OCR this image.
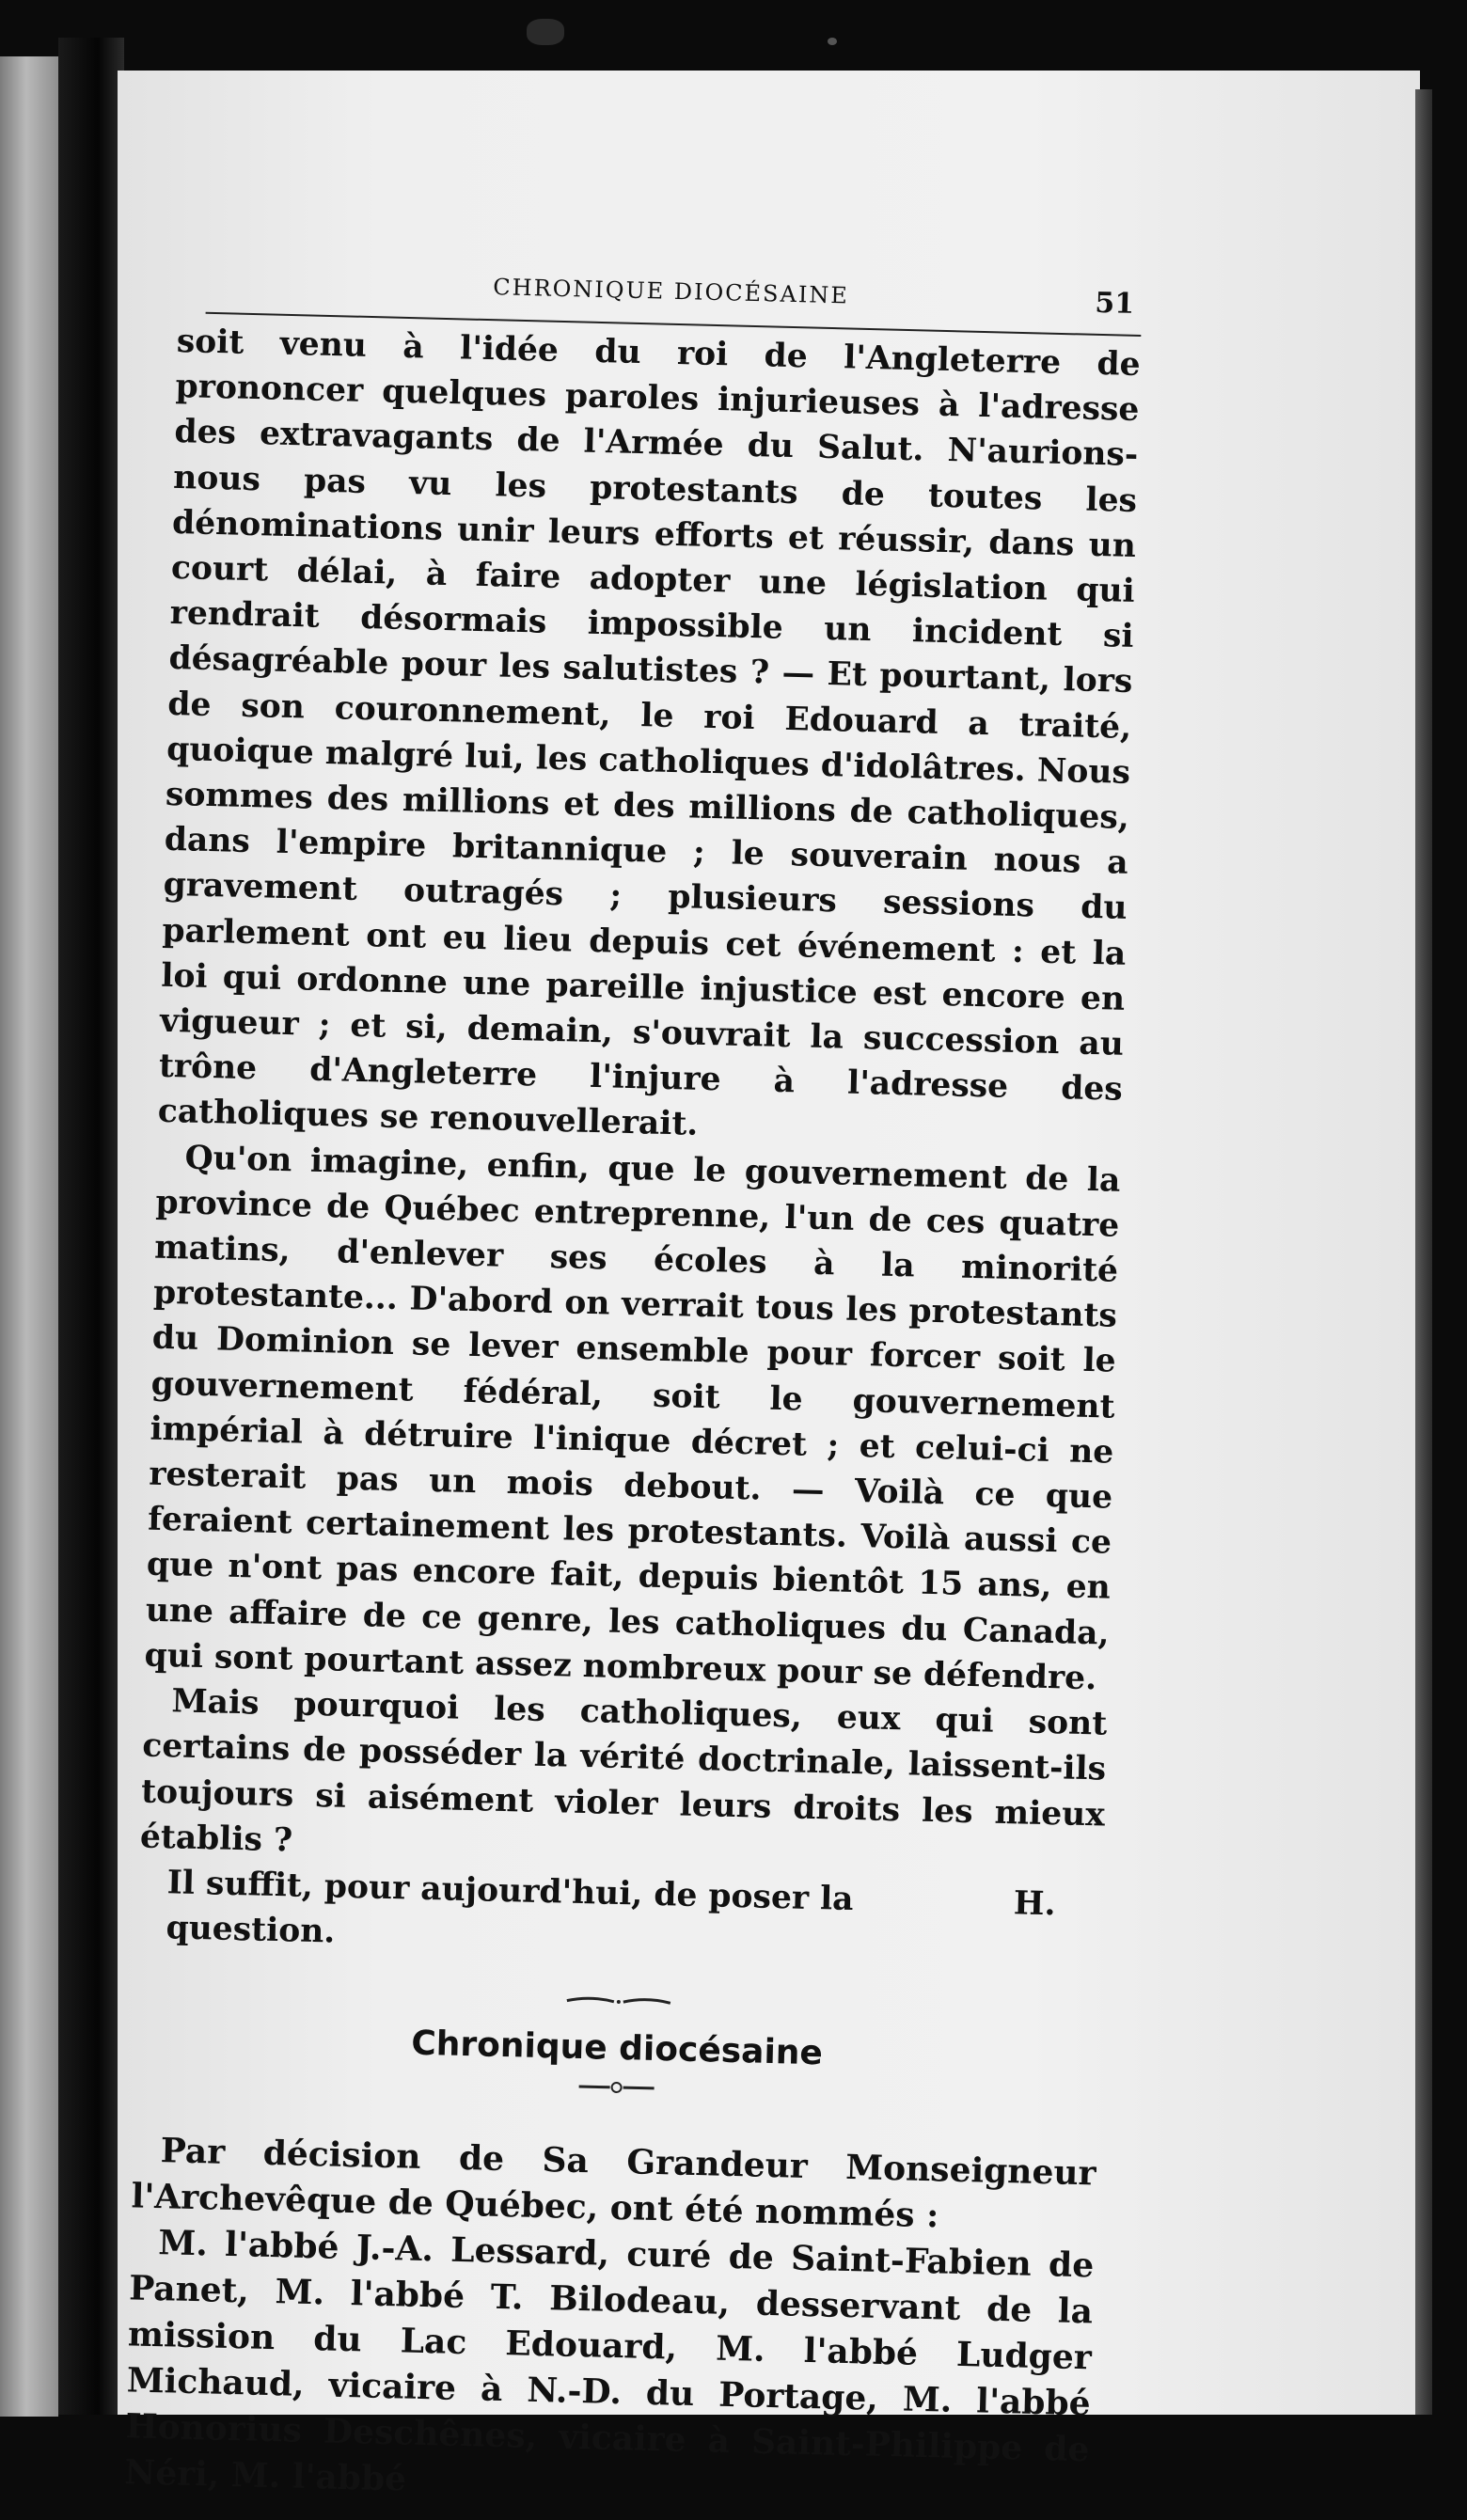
CHRONIQUE DIOCÉSAINE	51

soit venu à l'idée du roi de l'Angleterre de prononcer quelques paroles injurieuses à l'adresse des extravagants de l'Armée du Salut. N'aurions-nous pas vu les protestants de toutes les dénominations unir leurs efforts et réussir, dans un court délai, à faire adopter une législation qui rendrait désormais impossible un incident si désagréable pour les salutistes ? — Et pourtant, lors de son couronnement, le roi Edouard a traité, quoique malgré lui, les catholiques d'idolâtres. Nous sommes des millions et des millions de catholiques, dans l'empire britannique ; le souverain nous a gravement outragés ; plusieurs sessions du parlement ont eu lieu depuis cet événement : et la loi qui ordonne une pareille injustice est encore en vigueur ; et si, demain, s'ouvrait la succession au trône d'Angleterre l'injure à l'adresse des catholiques se renouvellerait.

Qu'on imagine, enfin, que le gouvernement de la province de Québec entreprenne, l'un de ces quatre matins, d'enlever ses écoles à la minorité protestante... D'abord on verrait tous les protestants du Dominion se lever ensemble pour forcer soit le gouvernement fédéral, soit le gouvernement impérial à détruire l'inique décret ; et celui-ci ne resterait pas un mois debout. — Voilà ce que feraient certainement les protestants. Voilà aussi ce que n'ont pas encore fait, depuis bientôt 15 ans, en une affaire de ce genre, les catholiques du Canada, qui sont pourtant assez nombreux pour se défendre.

Mais pourquoi les catholiques, eux qui sont certains de posséder la vérité doctrinale, laissent-ils toujours si aisément violer leurs droits les mieux établis ?

Il suffit, pour aujourd'hui, de poser la question.
H.
Chronique diocésaine

Par décision de Sa Grandeur Monseigneur l'Archevêque de Québec, ont été nommés :

M. l'abbé J.-A. Lessard, curé de Saint-Fabien de Panet, M. l'abbé T. Bilodeau, desservant de la mission du Lac Edouard, M. l'abbé Ludger Michaud, vicaire à N.-D. du Portage, M. l'abbé Honorius Deschênes, vicaire à Saint-Philippe de Néri, M. l'abbé
